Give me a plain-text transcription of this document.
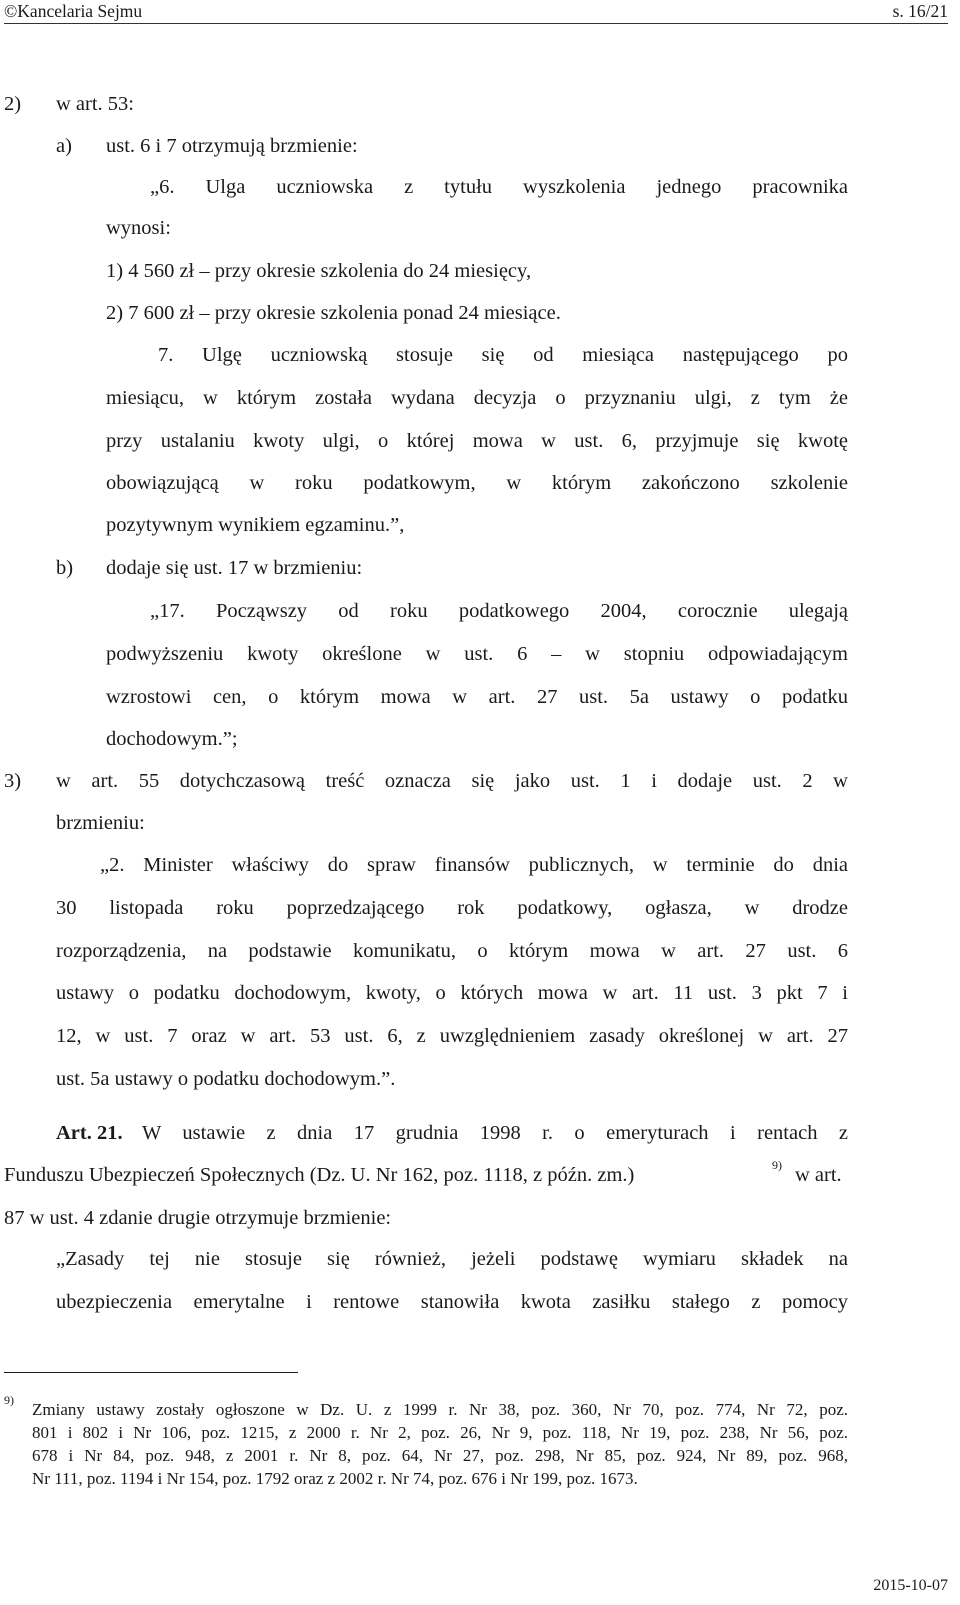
©Kancelaria Sejmu	s. 16/21
2) w art. 53:
a) ust. 6 i 7 otrzymują brzmienie:
„6. Ulga uczniowska z tytułu wyszkolenia jednego pracownika
wynosi:
1) 4 560 zł – przy okresie szkolenia do 24 miesięcy,
2) 7 600 zł – przy okresie szkolenia ponad 24 miesiące.
7. Ulgę uczniowską stosuje się od miesiąca następującego po
miesiącu, w którym została wydana decyzja o przyznaniu ulgi, z tym że
przy ustalaniu kwoty ulgi, o której mowa w ust. 6, przyjmuje się kwotę
obowiązującą w roku podatkowym, w którym zakończono szkolenie
pozytywnym wynikiem egzaminu.”,
b) dodaje się ust. 17 w brzmieniu:
„17. Począwszy od roku podatkowego 2004, corocznie ulegają
podwyższeniu kwoty określone w ust. 6 – w stopniu odpowiadającym
wzrostowi cen, o którym mowa w art. 27 ust. 5a ustawy o podatku
dochodowym.”;
3) w art. 55 dotychczasową treść oznacza się jako ust. 1 i dodaje ust. 2 w
brzmieniu:
„2. Minister właściwy do spraw finansów publicznych, w terminie do dnia
30 listopada roku poprzedzającego rok podatkowy, ogłasza, w drodze
rozporządzenia, na podstawie komunikatu, o którym mowa w art. 27 ust. 6
ustawy o podatku dochodowym, kwoty, o których mowa w art. 11 ust. 3 pkt 7 i
12, w ust. 7 oraz w art. 53 ust. 6, z uwzględnieniem zasady określonej w art. 27
ust. 5a ustawy o podatku dochodowym.”.
Art. 21. W ustawie z dnia 17 grudnia 1998 r. o emeryturach i rentach z
Funduszu Ubezpieczeń Społecznych (Dz. U. Nr 162, poz. 1118, z późn. zm.)	9) w art.
87 w ust. 4 zdanie drugie otrzymuje brzmienie:
„Zasady tej nie stosuje się również, jeżeli podstawę wymiaru składek na
ubezpieczenia emerytalne i rentowe stanowiła kwota zasiłku stałego z pomocy
9) Zmiany ustawy zostały ogłoszone w Dz. U. z 1999 r. Nr 38, poz. 360, Nr 70, poz. 774, Nr 72, poz.
801 i 802 i Nr 106, poz. 1215, z 2000 r. Nr 2, poz. 26, Nr 9, poz. 118, Nr 19, poz. 238, Nr 56, poz.
678 i Nr 84, poz. 948, z 2001 r. Nr 8, poz. 64, Nr 27, poz. 298, Nr 85, poz. 924, Nr 89, poz. 968,
Nr 111, poz. 1194 i Nr 154, poz. 1792 oraz z 2002 r. Nr 74, poz. 676 i Nr 199, poz. 1673.
2015-10-07
